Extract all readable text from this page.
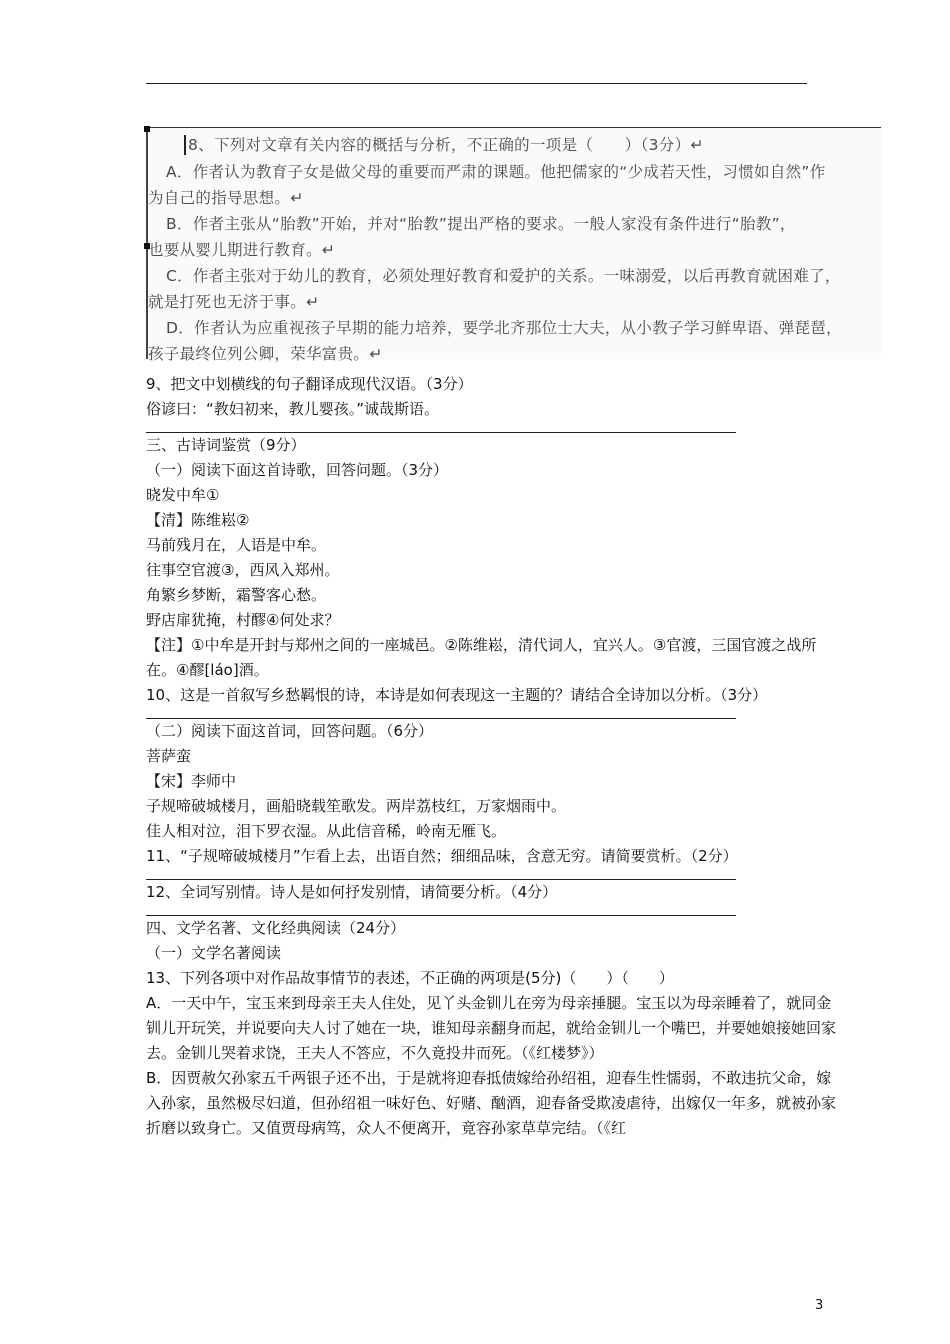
8、下列对文章有关内容的概括与分析，不正确的一项是（　　）（3分）↵
A．作者认为教育子女是做父母的重要而严肃的课题。他把儒家的“少成若天性，习惯如自然”作
为自己的指导思想。↵
B．作者主张从“胎教”开始，并对“胎教”提出严格的要求。一般人家没有条件进行“胎教”，
也要从婴儿期进行教育。↵
C．作者主张对于幼儿的教育，必须处理好教育和爱护的关系。一味溺爱，以后再教育就困难了，
就是打死也无济于事。↵
D．作者认为应重视孩子早期的能力培养，要学北齐那位士大夫，从小教子学习鲜卑语、弹琵琶，
孩子最终位列公卿，荣华富贵。↵

9、把文中划横线的句子翻译成现代汉语。（3分）

俗谚曰：“教妇初来，教儿婴孩。”诚哉斯语。

三、古诗词鉴赏（9分）

（一）阅读下面这首诗歌，回答问题。（3分）

晓发中牟①

【清】陈维崧②

马前残月在，人语是中牟。

往事空官渡③，西风入郑州。

角繁乡梦断，霜警客心愁。

野店扉犹掩，村醪④何处求？

【注】①中牟是开封与郑州之间的一座城邑。②陈维崧，清代词人，宜兴人。③官渡，三国官渡之战所在。④醪[láo]酒。

10、这是一首叙写乡愁羁恨的诗，本诗是如何表现这一主题的？请结合全诗加以分析。（3分）

（二）阅读下面这首词，回答问题。（6分）

菩萨蛮

【宋】李师中

子规啼破城楼月，画船晓载笙歌发。两岸荔枝红，万家烟雨中。

佳人相对泣，泪下罗衣湿。从此信音稀，岭南无雁飞。

11、“子规啼破城楼月”乍看上去，出语自然；细细品味，含意无穷。请简要赏析。（2分）

12、全词写别情。诗人是如何抒发别情，请简要分析。（4分）

四、文学名著、文化经典阅读（24分）

（一）文学名著阅读

13、下列各项中对作品故事情节的表述，不正确的两项是(5分)（　　）（　　）

A．一天中午，宝玉来到母亲王夫人住处，见丫头金钏儿在旁为母亲捶腿。宝玉以为母亲睡着了，就同金钏儿开玩笑，并说要向夫人讨了她在一块，谁知母亲翻身而起，就给金钏儿一个嘴巴，并要她娘接她回家去。金钏儿哭着求饶，王夫人不答应，不久竟投井而死。（《红楼梦》）

B．因贾赦欠孙家五千两银子还不出，于是就将迎春抵债嫁给孙绍祖，迎春生性懦弱，不敢违抗父命，嫁入孙家，虽然极尽妇道，但孙绍祖一味好色、好赌、酗酒，迎春备受欺凌虐待，出嫁仅一年多，就被孙家折磨以致身亡。又值贾母病笃，众人不便离开，竟容孙家草草完结。（《红

3
